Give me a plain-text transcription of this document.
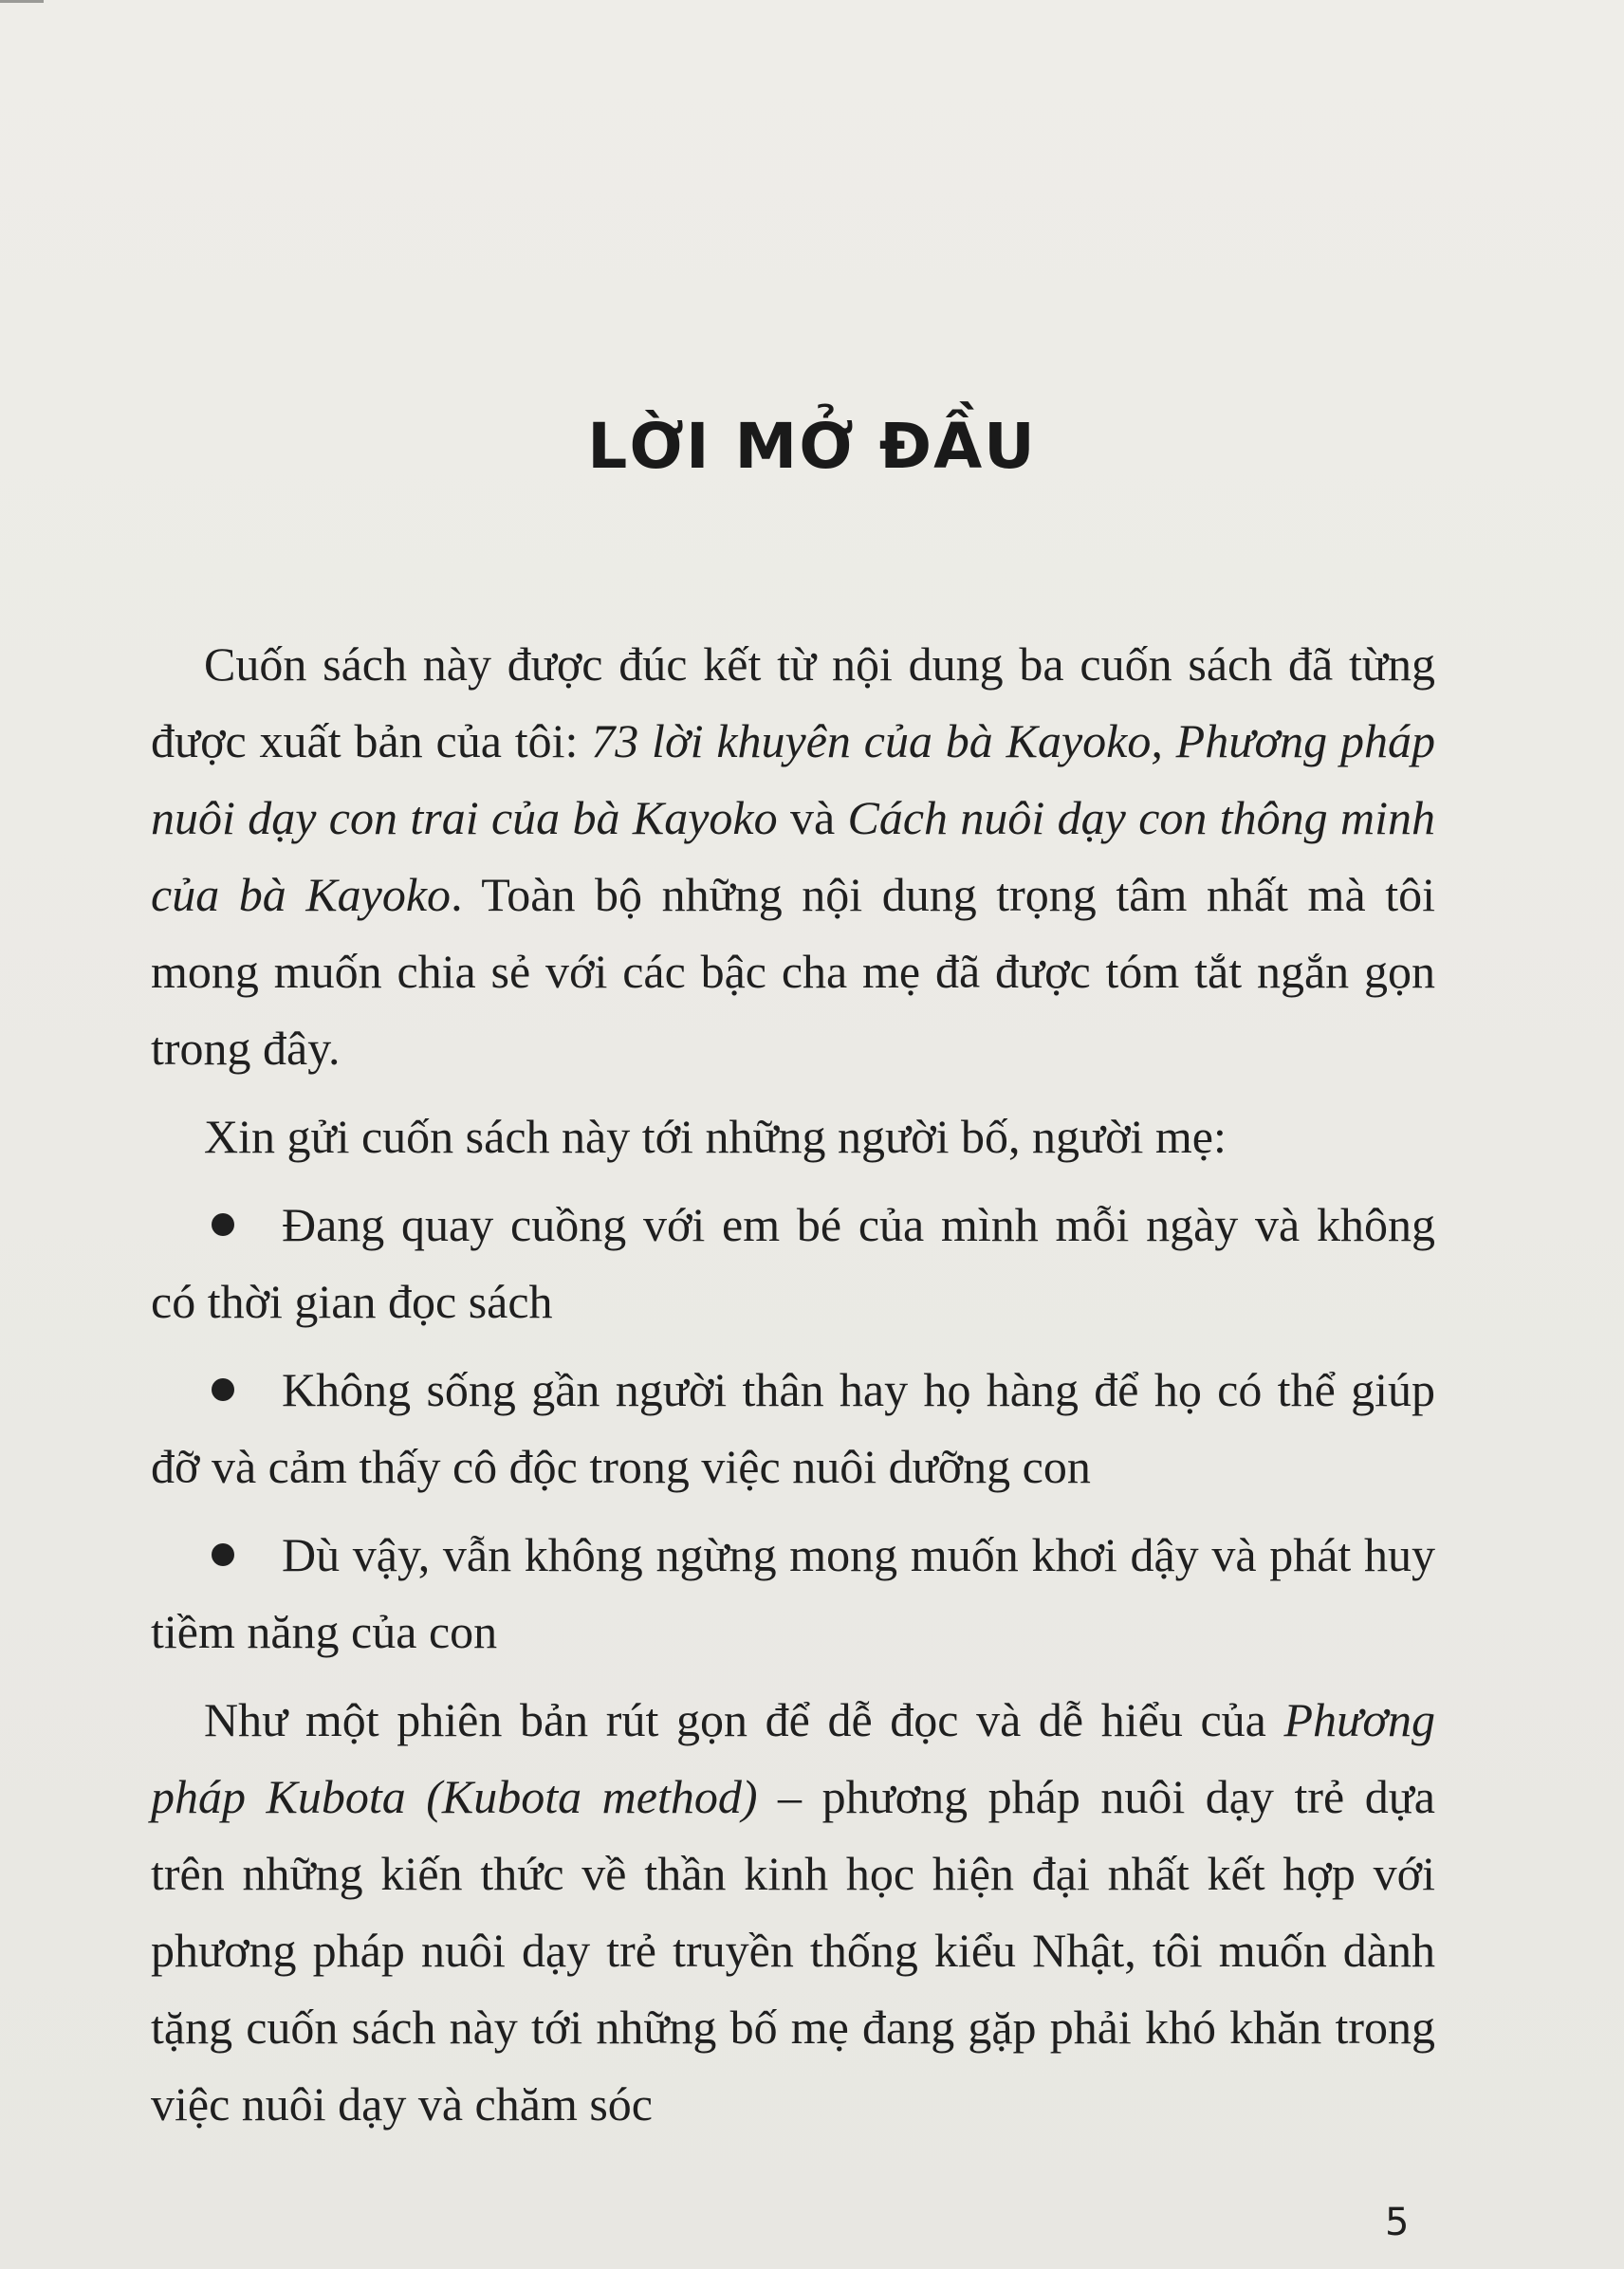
LỜI MỞ ĐẦU

Cuốn sách này được đúc kết từ nội dung ba cuốn sách đã từng được xuất bản của tôi: 73 lời khuyên của bà Kayoko, Phương pháp nuôi dạy con trai của bà Kayoko và Cách nuôi dạy con thông minh của bà Kayoko. Toàn bộ những nội dung trọng tâm nhất mà tôi mong muốn chia sẻ với các bậc cha mẹ đã được tóm tắt ngắn gọn trong đây.

Xin gửi cuốn sách này tới những người bố, người mẹ:

Đang quay cuồng với em bé của mình mỗi ngày và không có thời gian đọc sách
Không sống gần người thân hay họ hàng để họ có thể giúp đỡ và cảm thấy cô độc trong việc nuôi dưỡng con
Dù vậy, vẫn không ngừng mong muốn khơi dậy và phát huy tiềm năng của con

Như một phiên bản rút gọn để dễ đọc và dễ hiểu của Phương pháp Kubota (Kubota method) – phương pháp nuôi dạy trẻ dựa trên những kiến thức về thần kinh học hiện đại nhất kết hợp với phương pháp nuôi dạy trẻ truyền thống kiểu Nhật, tôi muốn dành tặng cuốn sách này tới những bố mẹ đang gặp phải khó khăn trong việc nuôi dạy và chăm sóc

5
